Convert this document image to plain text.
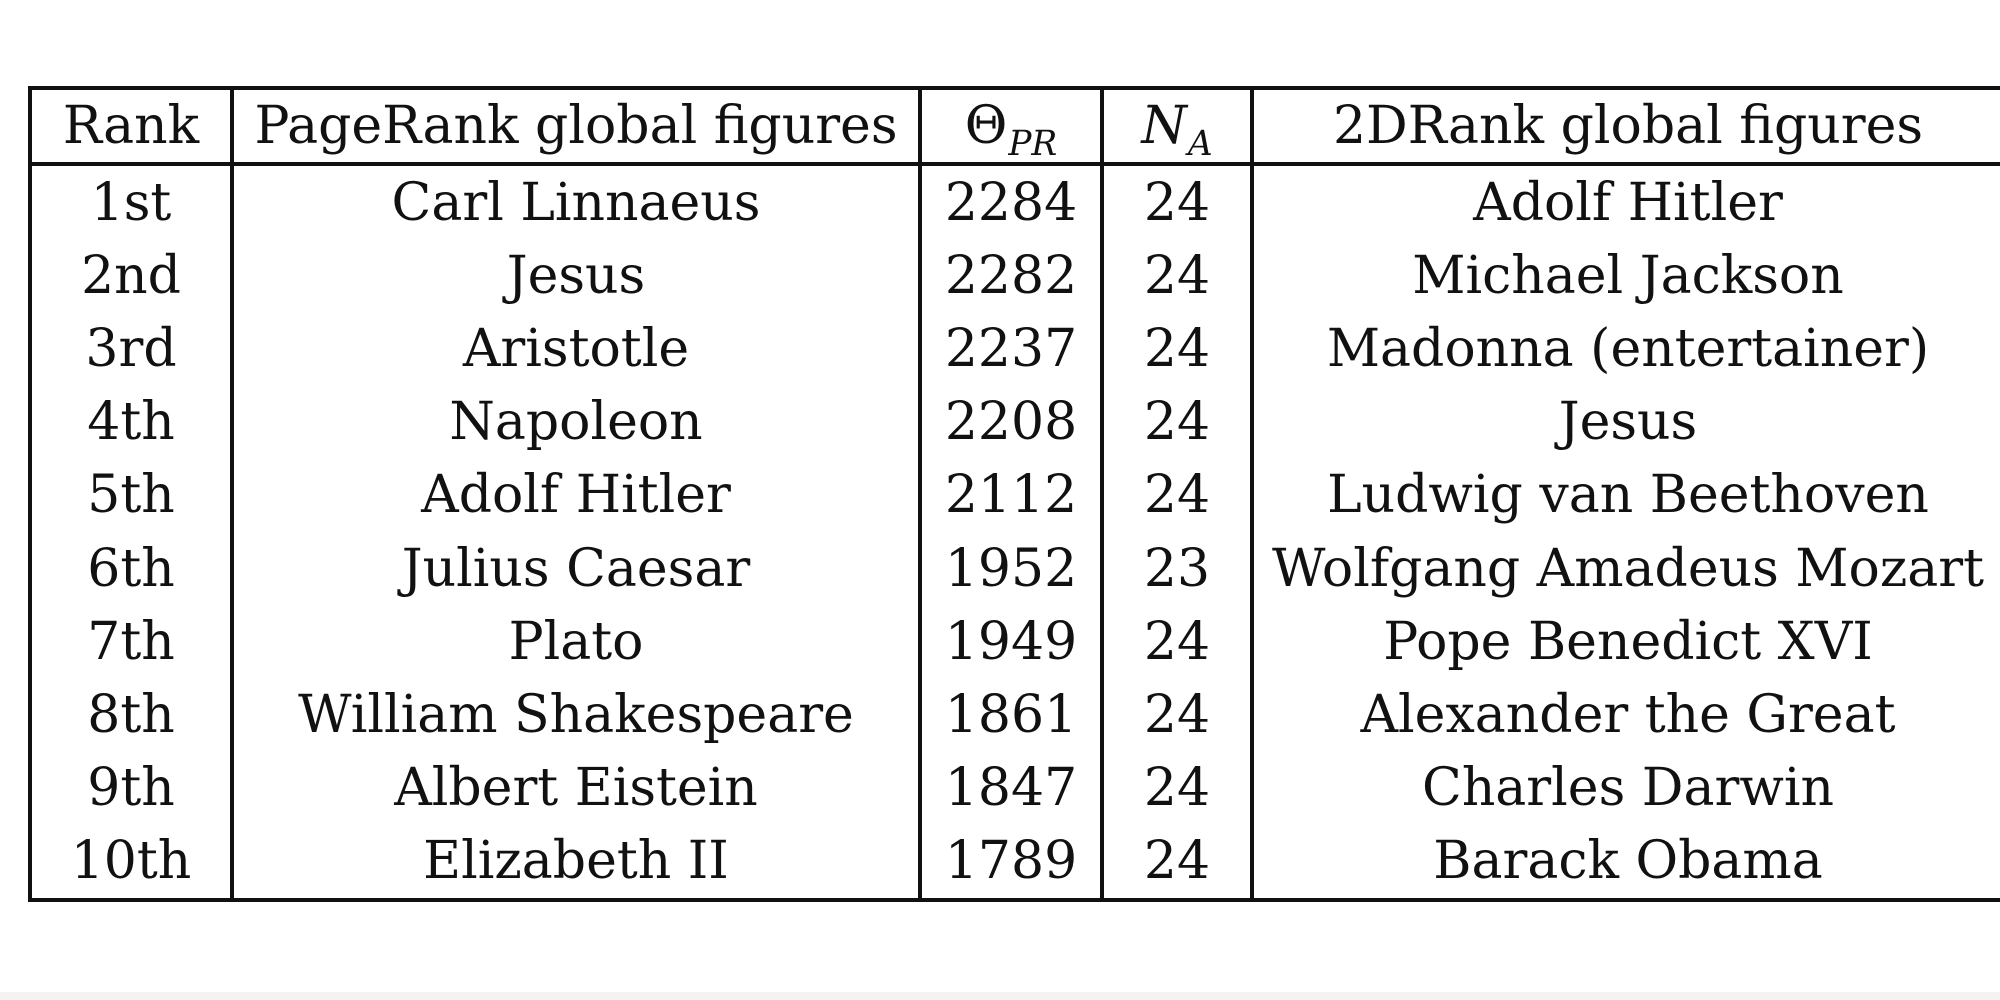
Rank	PageRank global figures	$\Theta_{PR}$	$N_A$	2DRank global figures
1st	Carl Linnaeus	2284	24	Adolf Hitler
2nd	Jesus	2282	24	Michael Jackson
3rd	Aristotle	2237	24	Madonna (entertainer)
4th	Napoleon	2208	24	Jesus
5th	Adolf Hitler	2112	24	Ludwig van Beethoven
6th	Julius Caesar	1952	23	Wolfgang Amadeus Mozart
7th	Plato	1949	24	Pope Benedict XVI
8th	William Shakespeare	1861	24	Alexander the Great
9th	Albert Eistein	1847	24	Charles Darwin
10th	Elizabeth II	1789	24	Barack Obama
